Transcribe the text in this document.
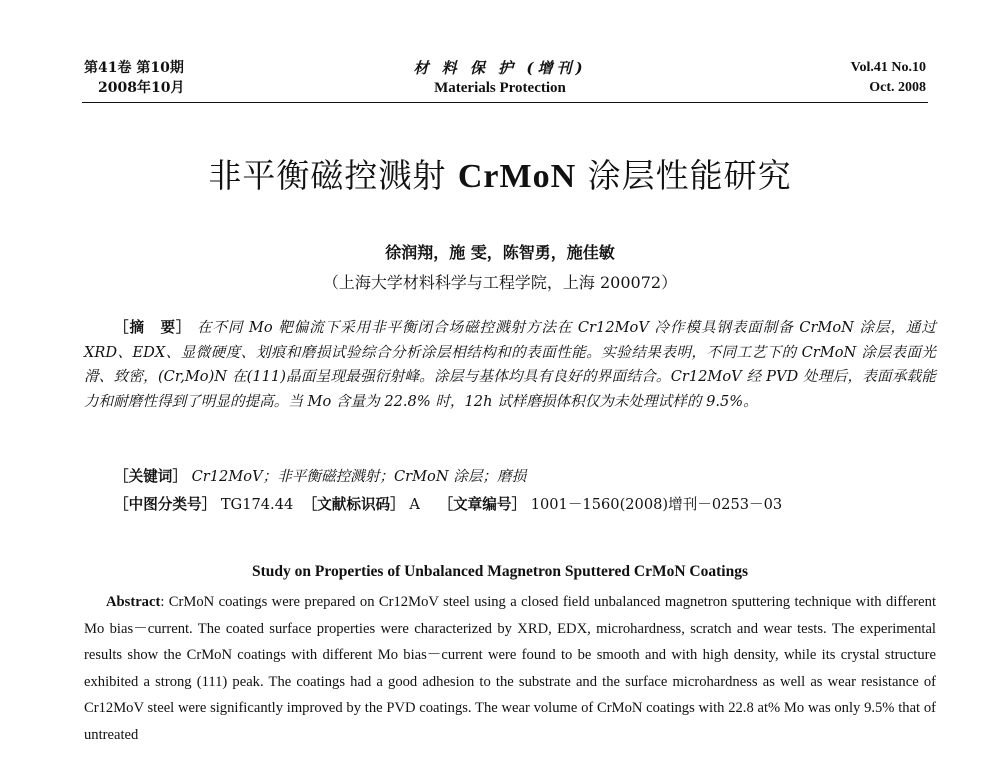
第41卷 第10期
2008年10月
材 料 保 护 (增刊)
Materials Protection
Vol.41 No.10
Oct. 2008
非平衡磁控溅射 CrMoN 涂层性能研究
徐润翔，施 雯，陈智勇，施佳敏
（上海大学材料科学与工程学院，上海 200072）

［摘　要］ 在不同 Mo 靶偏流下采用非平衡闭合场磁控溅射方法在 Cr12MoV 冷作模具钢表面制备 CrMoN 涂层，通过 XRD、EDX、显微硬度、划痕和磨损试验综合分析涂层相结构和的表面性能。实验结果表明，不同工艺下的 CrMoN 涂层表面光滑、致密，(Cr,Mo)N 在(111)晶面呈现最强衍射峰。涂层与基体均具有良好的界面结合。Cr12MoV 经 PVD 处理后，表面承载能力和耐磨性得到了明显的提高。当 Mo 含量为 22.8% 时，12h 试样磨损体积仅为未处理试样的 9.5%。

［关键词］ Cr12MoV；非平衡磁控溅射；CrMoN 涂层；磨损
［中图分类号］ TG174.44 ［文献标识码］ A ［文章编号］ 1001－1560(2008)增刊－0253－03
Study on Properties of Unbalanced Magnetron Sputtered CrMoN Coatings

Abstract: CrMoN coatings were prepared on Cr12MoV steel using a closed field unbalanced magnetron sputtering technique with different Mo bias－current. The coated surface properties were characterized by XRD, EDX, microhardness, scratch and wear tests. The experimental results show the CrMoN coatings with different Mo bias－current were found to be smooth and with high density, while its crystal structure exhibited a strong (111) peak. The coatings had a good adhesion to the substrate and the surface microhardness as well as wear resistance of Cr12MoV steel were significantly improved by the PVD coatings. The wear volume of CrMoN coatings with 22.8 at% Mo was only 9.5% that of untreated
